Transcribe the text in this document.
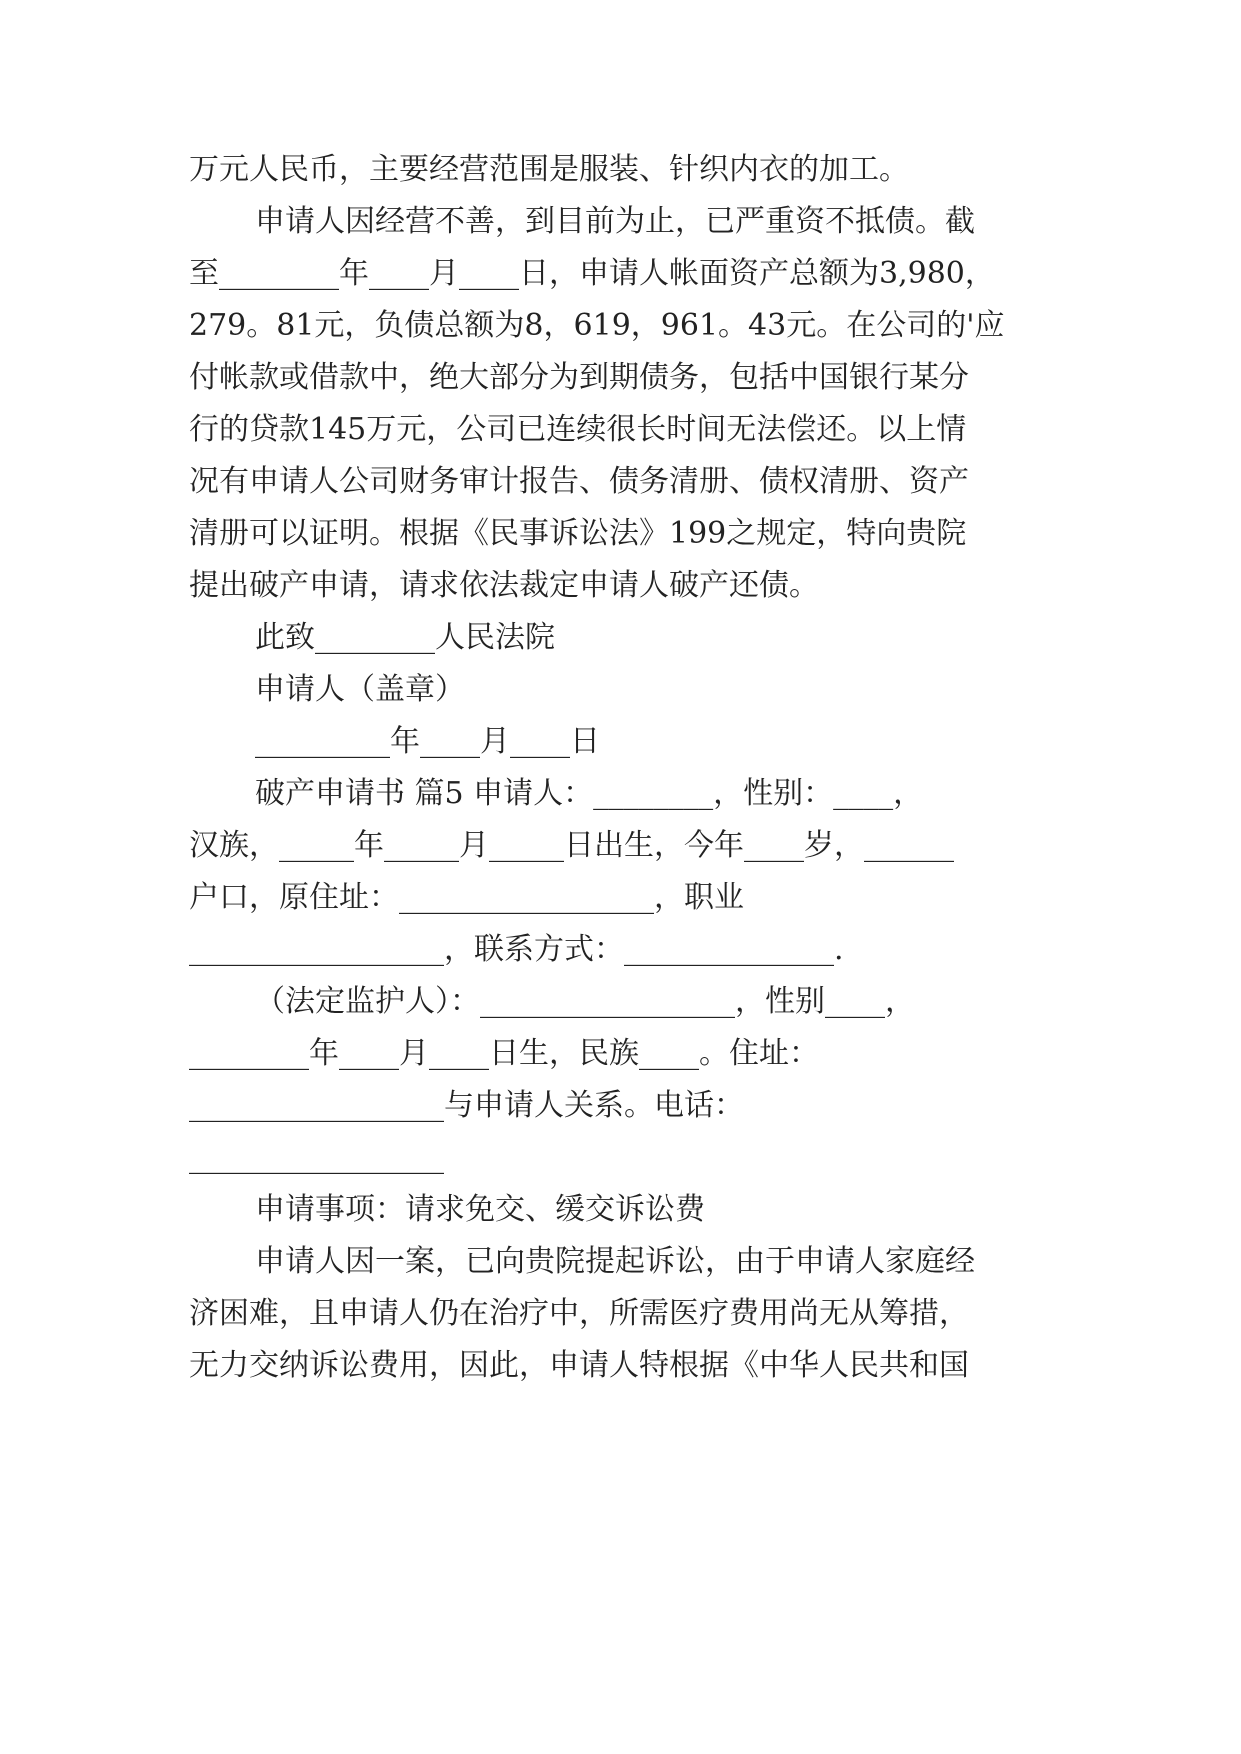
万元人民币，主要经营范围是服装、针织内衣的加工。
申请人因经营不善，到目前为止，已严重资不抵债。截
至________年____月____日，申请人帐面资产总额为3,980，
279。81元，负债总额为8，619，961。43元。在公司的'应
付帐款或借款中，绝大部分为到期债务，包括中国银行某分
行的贷款145万元，公司已连续很长时间无法偿还。以上情
况有申请人公司财务审计报告、债务清册、债权清册、资产
清册可以证明。根据《民事诉讼法》199之规定，特向贵院
提出破产申请，请求依法裁定申请人破产还债。
此致________人民法院
申请人（盖章）
_________年____月____日
破产申请书 篇5 申请人：________，性别：____，
汉族，_____年_____月_____日出生，今年____岁，______
户口，原住址：_________________，职业
_________________，联系方式：______________.
（法定监护人）：_________________，性别____，
________年____月____日生，民族____。住址：
_________________与申请人关系。电话：
_________________
申请事项：请求免交、缓交诉讼费
申请人因一案，已向贵院提起诉讼，由于申请人家庭经
济困难，且申请人仍在治疗中，所需医疗费用尚无从筹措，
无力交纳诉讼费用，因此，申请人特根据《中华人民共和国
